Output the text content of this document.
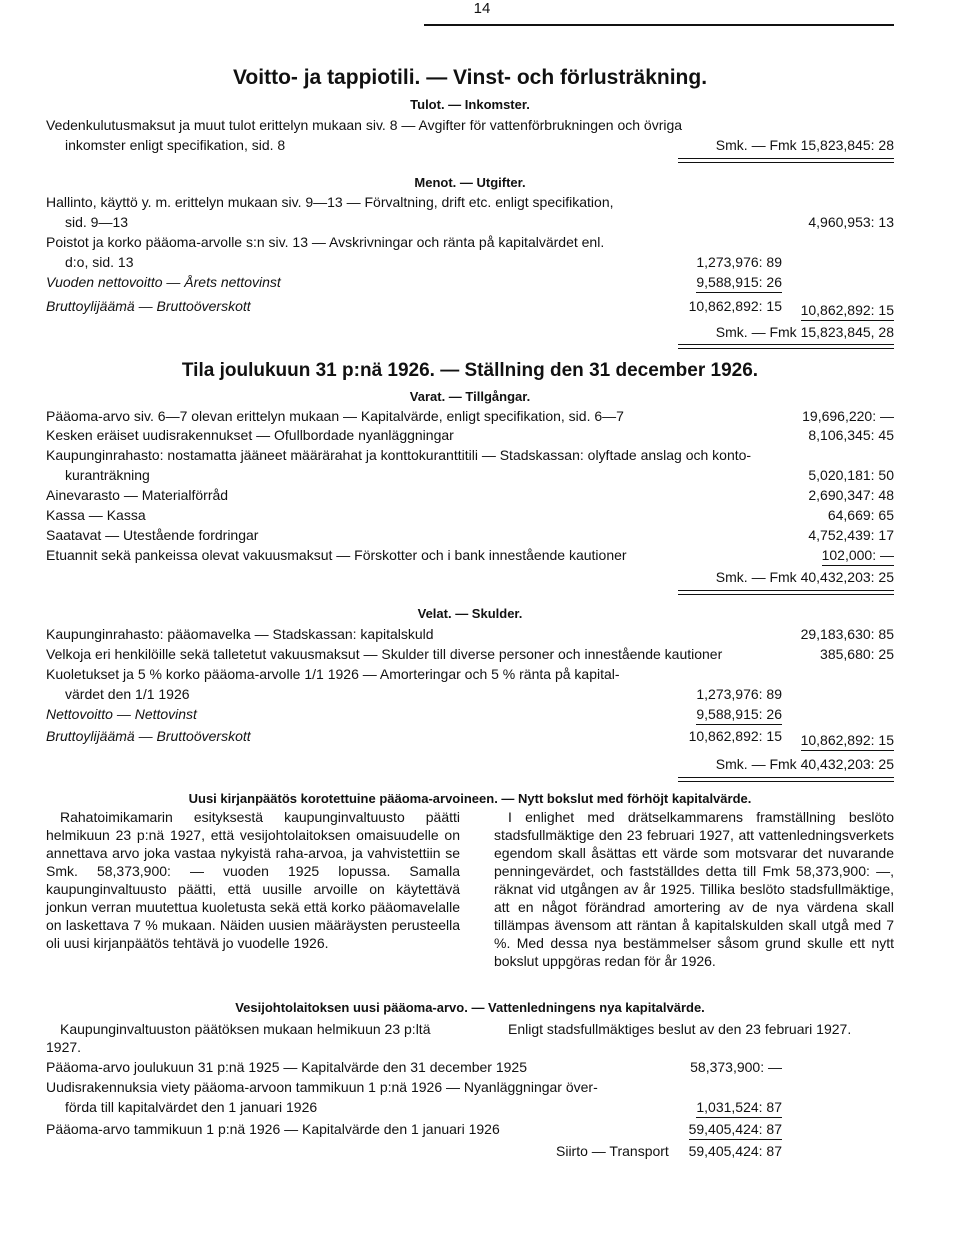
14
Voitto- ja tappiotili. — Vinst- och förlusträkning.
Tulot. — Inkomster.
Vedenkulutusmaksut ja muut tulot erittelyn mukaan siv. 8 — Avgifter för vattenförbrukningen och övriga
inkomster enligt specifikation, sid. 8	Smk. — Fmk 15,823,845: 28
Menot. — Utgifter.
Hallinto, käyttö y. m. erittelyn mukaan siv. 9—13 — Förvaltning, drift etc. enligt specifikation,
sid. 9—13	4,960,953: 13
Poistot ja korko pääoma-arvolle s:n siv. 13 — Avskrivningar och ränta på kapitalvärdet enl.
d:o, sid. 13	1,273,976: 89
Vuoden nettovoitto — Årets nettovinst	9,588,915: 26
Bruttoylijäämä — Bruttoöverskott	10,862,892: 15 10,862,892: 15
Smk. — Fmk 15,823,845, 28
Tila joulukuun 31 p:nä 1926. — Ställning den 31 december 1926.
Varat. — Tillgångar.
Pääoma-arvo siv. 6—7 olevan erittelyn mukaan — Kapitalvärde, enligt specifikation, sid. 6—7	19,696,220: —
Kesken eräiset uudisrakennukset — Ofullbordade nyanläggningar	8,106,345: 45
Kaupunginrahasto: nostamatta jääneet määrärahat ja konttokuranttitili — Stadskassan: olyftade anslag och konto-
kuranträkning	5,020,181: 50
Ainevarasto — Materialförråd	2,690,347: 48
Kassa — Kassa	64,669: 65
Saatavat — Utestående fordringar	4,752,439: 17
Etuannit sekä pankeissa olevat vakuusmaksut — Förskotter och i bank innestående kautioner	102,000: —
Smk. — Fmk 40,432,203: 25
Velat. — Skulder.
Kaupunginrahasto: pääomavelka — Stadskassan: kapitalskuld	29,183,630: 85
Velkoja eri henkilöille sekä talletetut vakuusmaksut — Skulder till diverse personer och innestående kautioner	385,680: 25
Kuoletukset ja 5 % korko pääoma-arvolle 1/1 1926 — Amorteringar och 5 % ränta på kapital-
värdet den 1/1 1926	1,273,976: 89
Nettovoitto — Nettovinst	9,588,915: 26
Bruttoylijäämä — Bruttoöverskott	10,862,892: 15 10,862,892: 15
Smk. — Fmk 40,432,203: 25
Uusi kirjanpäätös korotettuine pääoma-arvoineen. — Nytt bokslut med förhöjt kapitalvärde.
Rahatoimikamarin esityksestä kaupunginvaltuusto päätti helmikuun 23 p:nä 1927, että vesijohtolaitoksen omaisuudelle on annettava arvo joka vastaa nykyistä raha-arvoa, ja vahvistettiin se Smk. 58,373,900: — vuoden 1925 lopussa. Samalla kaupunginvaltuusto päätti, että uusille arvoille on käytettävä jonkun verran muutettua kuoletusta sekä että korko pääomavelalle on laskettava 7 % mukaan. Näiden uusien määräysten perusteella oli uusi kirjanpäätös tehtävä jo vuodelle 1926.
I enlighet med drätselkammarens framställning beslöto stadsfullmäktige den 23 februari 1927, att vattenledningsverkets egendom skall åsättas ett värde som motsvarar det nuvarande penningevärdet, och fastställdes detta till Fmk 58,373,900: —, räknat vid utgången av år 1925. Tillika beslöto stadsfullmäktige, att en något förändrad amortering av de nya värdena skall tillämpas ävensom att räntan å kapitalskulden skall utgå med 7 %. Med dessa nya bestämmelser såsom grund skulle ett nytt bokslut uppgöras redan för år 1926.
Vesijohtolaitoksen uusi pääoma-arvo. — Vattenledningens nya kapitalvärde.
Kaupunginvaltuuston päätöksen mukaan helmikuun 23 p:ltä 1927.
Enligt stadsfullmäktiges beslut av den 23 februari 1927.
Pääoma-arvo joulukuun 31 p:nä 1925 — Kapitalvärde den 31 december 1925	58,373,900: —
Uudisrakennuksia viety pääoma-arvoon tammikuun 1 p:nä 1926 — Nyanläggningar över-
förda till kapitalvärdet den 1 januari 1926	1,031,524: 87
Pääoma-arvo tammikuun 1 p:nä 1926 — Kapitalvärde den 1 januari 1926	59,405,424: 87
Siirto — Transport 59,405,424: 87
